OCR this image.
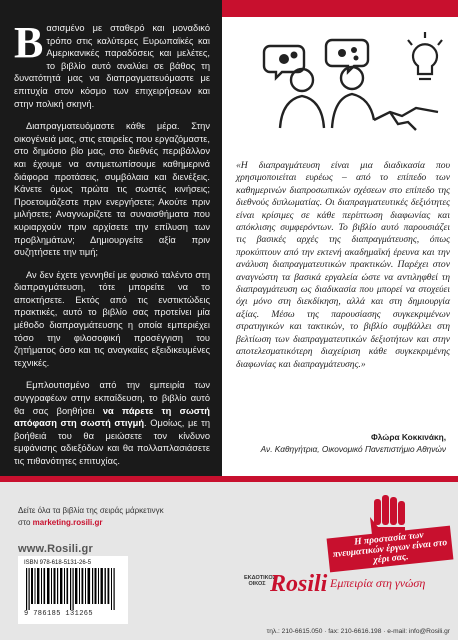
Βασισμένο με σταθερό και μοναδικό τρόπο στις καλύτερες Ευρωπαϊκές και Αμερικανικές παραδόσεις και μελέτες, το βιβλίο αυτό αναλύει σε βάθος τη δυνατότητά μας να διαπραγματευόμαστε με επιτυχία στον κόσμο των επιχειρήσεων και στην πολική σκηνή.

Διαπραγματευόμαστε κάθε μέρα. Στην οικογένειά μας, στις εταιρείες που εργαζόμαστε, στο δημόσιο βίο μας, στο διεθνές περιβάλλον και έχουμε να αντιμετωπίσουμε καθημερινά διάφορα προτάσεις, συμβόλαια και διενέξεις. Κάνετε όμως πρώτα τις σωστές κινήσεις; Προετοιμάζεστε πριν ενεργήσετε; Ακούτε πριν μιλήσετε; Αναγνωρίζετε τα συναισθήματα που κυριαρχούν πριν αρχίσετε την επίλυση των προβλημάτων; Δημιουργείτε αξία πριν συζητήσετε την τιμή;

Αν δεν έχετε γεννηθεί με φυσικό ταλέντο στη διαπραγμάτευση, τότε μπορείτε να το αποκτήσετε. Εκτός από τις ενστικτώδεις πρακτικές, αυτό το βιβλίο σας προτείνει μία μέθοδο διαπραγμάτευσης η οποία εμπεριέχει τόσο την φιλοσοφική προσέγγιση του ζητήματος όσο και τις αναγκαίες εξειδικευμένες τεχνικές.

Εμπλουτισμένο από την εμπειρία των συγγραφέων στην εκπαίδευση, το βιβλίο αυτό θα σας βοηθήσει να πάρετε τη σωστή απόφαση στη σωστή στιγμή. Ομοίως, με τη βοήθειά του θα μειώσετε τον κίνδυνο εμφάνισης αδιεξόδων και θα πολλαπλασιάσετε τις πιθανότητες επιτυχίας.

«Η διαπραγμάτευση είναι μια διαδικασία που χρησιμοποιείται ευρέως – από το επίπεδο των καθημερινών διαπροσωπικών σχέσεων στο επίπεδο της διεθνούς διπλωματίας. Οι διαπραγματευτικές δεξιότητες είναι κρίσιμες σε κάθε περίπτωση διαφωνίας και απόκλισης συμφερόντων. Το βιβλίο αυτό παρουσιάζει τις βασικές αρχές της διαπραγμάτευσης, όπως προκύπτουν από την εκτενή ακαδημαϊκή έρευνα και την ανάλυση διαπραγματευτικών πρακτικών. Παρέχει στον αναγνώστη τα βασικά εργαλεία ώστε να αντιληφθεί τη διαπραγμάτευση ως διαδικασία που μπορεί να στοχεύει όχι μόνο στη διεκδίκηση, αλλά και στη δημιουργία αξίας. Μέσω της παρουσίασης συγκεκριμένων στρατηγικών και τακτικών, το βιβλίο συμβάλλει στη βελτίωση των διαπραγματευτικών δεξιοτήτων και στην αποτελεσματικότερη διαχείριση κάθε συγκεκριμένης διαφωνίας και διαπραγμάτευσης.»
Φλώρα Κοκκινάκη,
Αν. Καθηγήτρια, Οικονομικό Πανεπιστήμιο Αθηνών
Δείτε όλα τα βιβλία της σειράς μάρκετινγκ
στο marketing.rosili.gr
www.Rosili.gr
ISBN 978-618-5131-26-5
9 786185 131265
ΕΚΔΟΤΙΚΟΣ ΟΙΚΟΣ Rosili
Η προστασία των πνευματικών έργων είναι στο χέρι σας.
Εμπειρία στη γνώση
τηλ.: 210-6615.050 · fax: 210-6616.198 · e-mail: info@Rosili.gr
